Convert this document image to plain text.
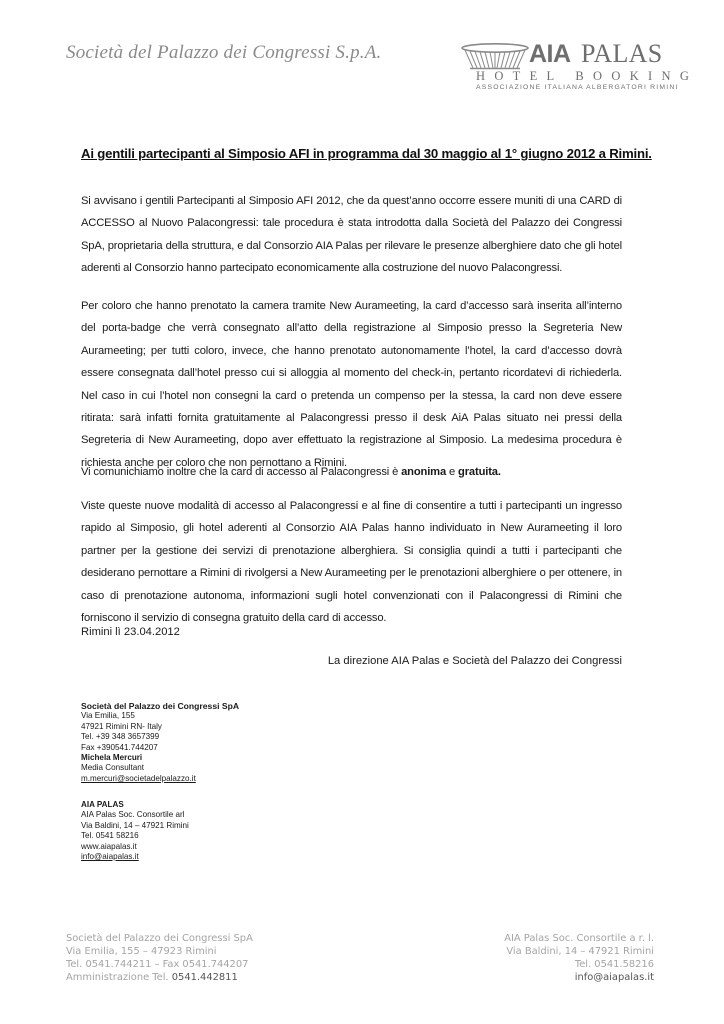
Società del Palazzo dei Congressi S.p.A.	AIA PALAS
HOTEL BOOKING
ASSOCIAZIONE ITALIANA ALBERGATORI RIMINI
Ai gentili partecipanti al Simposio AFI in programma dal 30 maggio al 1° giugno 2012 a Rimini.
Si avvisano i gentili Partecipanti al Simposio AFI 2012, che da quest’anno occorre essere muniti di una CARD di ACCESSO al Nuovo Palacongressi: tale procedura è stata introdotta dalla Società del Palazzo dei Congressi SpA, proprietaria della struttura, e dal Consorzio AIA Palas per rilevare le presenze alberghiere dato che gli hotel aderenti al Consorzio hanno partecipato economicamente alla costruzione del nuovo Palacongressi.
Per coloro che hanno prenotato la camera tramite New Aurameeting, la card d’accesso sarà inserita all’interno del porta-badge che verrà consegnato all’atto della registrazione al Simposio presso la Segreteria New Aurameeting; per tutti coloro, invece, che hanno prenotato autonomamente l’hotel, la card d’accesso dovrà essere consegnata dall’hotel presso cui si alloggia al momento del check-in, pertanto ricordatevi di richiederla. Nel caso in cui l’hotel non consegni la card o pretenda un compenso per la stessa, la card non deve essere ritirata: sarà infatti fornita gratuitamente al Palacongressi presso il desk AiA Palas situato nei pressi della Segreteria di New Aurameeting, dopo aver effettuato la registrazione al Simposio. La medesima procedura è richiesta anche per coloro che non pernottano a Rimini.
Vi comunichiamo inoltre che la card di accesso al Palacongressi è anonima e gratuita.
Viste queste nuove modalità di accesso al Palacongressi e al fine di consentire a tutti i partecipanti un ingresso rapido al Simposio, gli hotel aderenti al Consorzio AIA Palas hanno individuato in New Aurameeting il loro partner per la gestione dei servizi di prenotazione alberghiera. Si consiglia quindi a tutti i partecipanti che desiderano pernottare a Rimini di rivolgersi a New Aurameeting per le prenotazioni alberghiere o per ottenere, in caso di prenotazione autonoma, informazioni sugli hotel convenzionati con il Palacongressi di Rimini che forniscono il servizio di consegna gratuito della card di accesso.
Rimini lì 23.04.2012
La direzione AIA Palas e Società del Palazzo dei Congressi
Società del Palazzo dei Congressi SpA
Via Emilia, 155
47921 Rimini RN- Italy
Tel. +39 348 3657399
Fax +390541.744207
Michela Mercuri
Media Consultant
m.mercuri@societadelpalazzo.it
AIA PALAS
AIA Palas Soc. Consortile arl
Via Baldini, 14 – 47921 Rimini
Tel. 0541 58216
www.aiapalas.it
info@aiapalas.it
Società del Palazzo dei Congressi SpA
Via Emilia, 155 – 47923 Rimini
Tel. 0541.744211 – Fax 0541.744207
Amministrazione Tel. 0541.442811
AIA Palas Soc. Consortile a r. l.
Via Baldini, 14 – 47921 Rimini
Tel. 0541.58216
info@aiapalas.it
